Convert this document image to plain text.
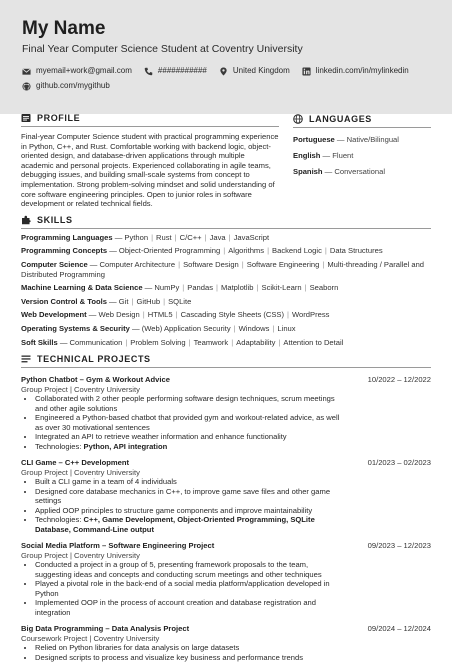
My Name
Final Year Computer Science Student at Coventry University
myemail+work@gmail.com	###########	United Kingdom	linkedin.com/in/mylinkedin
github.com/mygithub
PROFILE
Final-year Computer Science student with practical programming experience in Python, C++, and Rust. Comfortable working with backend logic, object-oriented design, and database-driven applications through multiple academic and personal projects. Experienced collaborating in agile teams, debugging issues, and building small-scale systems from concept to implementation. Strong problem-solving mindset and solid understanding of core software engineering principles. Open to junior roles in software development or related technical fields.
LANGUAGES
Portuguese — Native/Bilingual
English — Fluent
Spanish — Conversational
SKILLS
Programming Languages — Python | Rust | C/C++ | Java | JavaScript
Programming Concepts — Object-Oriented Programming | Algorithms | Backend Logic | Data Structures
Computer Science — Computer Architecture | Software Design | Software Engineering | Multi-threading / Parallel and Distributed Programming
Machine Learning & Data Science — NumPy | Pandas | Matplotlib | Scikit-Learn | Seaborn
Version Control & Tools — Git | GitHub | SQLite
Web Development — Web Design | HTML5 | Cascading Style Sheets (CSS) | WordPress
Operating Systems & Security — (Web) Application Security | Windows | Linux
Soft Skills — Communication | Problem Solving | Teamwork | Adaptability | Attention to Detail
TECHNICAL PROJECTS
Python Chatbot – Gym & Workout Advice	10/2022 – 12/2022
Group Project | Coventry University
• Collaborated with 2 other people performing software design techniques, scrum meetings and other agile solutions
• Engineered a Python-based chatbot that provided gym and workout-related advice, as well as over 30 motivational sentences
• Integrated an API to retrieve weather information and enhance functionality
• Technologies: Python, API integration
CLI Game – C++ Development	01/2023 – 02/2023
Group Project | Coventry University
• Built a CLI game in a team of 4 individuals
• Designed core database mechanics in C++, to improve game save files and other game settings
• Applied OOP principles to structure game components and improve maintainability
• Technologies: C++, Game Development, Object-Oriented Programming, SQLite Database, Command-Line output
Social Media Platform – Software Engineering Project	09/2023 – 12/2023
Group Project | Coventry University
• Conducted a project in a group of 5, presenting framework proposals to the team, suggesting ideas and concepts and conducting scrum meetings and other techniques
• Played a pivotal role in the back-end of a social media platform/application developed in Python
• Implemented OOP in the process of account creation and database registration and integration
Big Data Programming – Data Analysis Project	09/2024 – 12/2024
Coursework Project | Coventry University
• Relied on Python libraries for data analysis on large datasets
• Designed scripts to process and visualize key business and performance trends
